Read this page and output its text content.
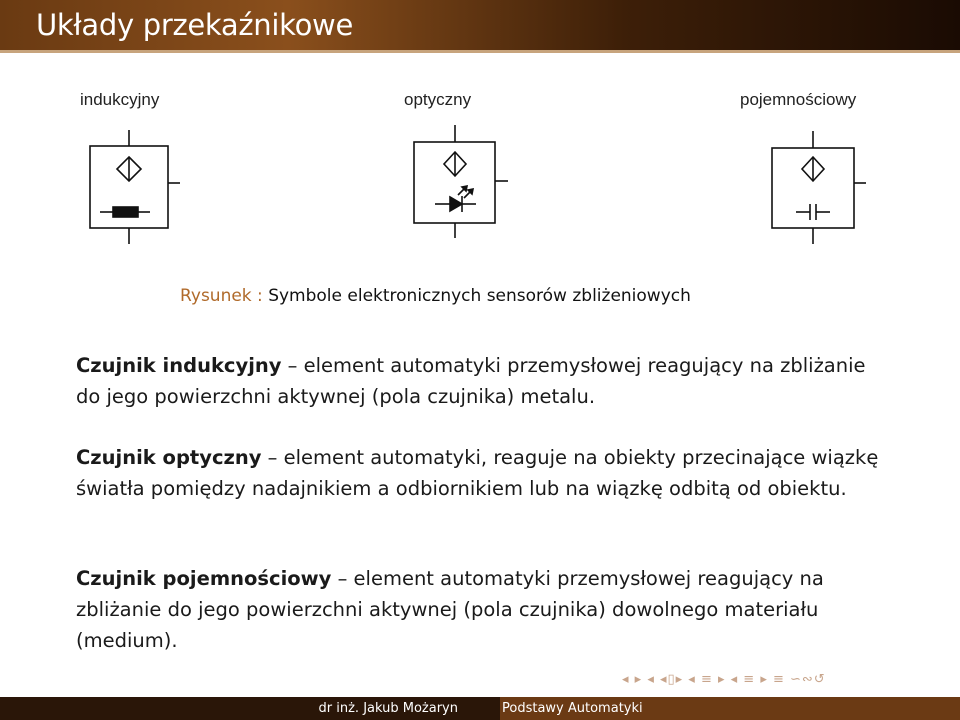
Układy przekaźnikowe
indukcyjny	optyczny	pojemnościowy
Rysunek : Symbole elektronicznych sensorów zbliżeniowych

Czujnik indukcyjny – element automatyki przemysłowej reagujący na zbliżanie do jego powierzchni aktywnej (pola czujnika) metalu.

Czujnik optyczny – element automatyki, reaguje na obiekty przecinające wiązkę światła pomiędzy nadajnikiem a odbiornikiem lub na wiązkę odbitą od obiektu.

Czujnik pojemnościowy – element automatyki przemysłowej reagujący na zbliżanie do jego powierzchni aktywnej (pola czujnika) dowolnego materiału (medium).

◂ ▸ ◂ ◂▯▸ ◂ ≡ ▸ ◂ ≡ ▸ ≡ ∽∾↺
dr inż. Jakub Możaryn	Podstawy Automatyki
